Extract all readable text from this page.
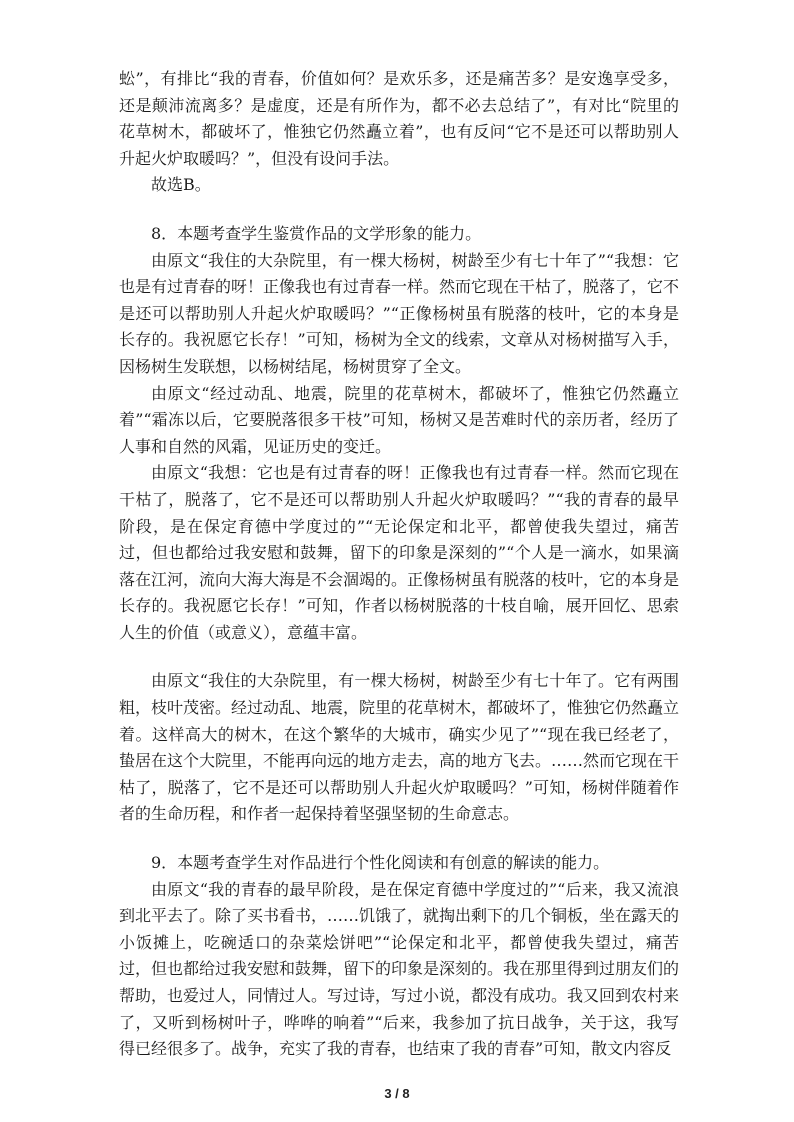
蚣”，有排比“我的青春，价值如何？是欢乐多，还是痛苦多？是安逸享受多，还是颠沛流离多？是虚度，还是有所作为，都不必去总结了”，有对比“院里的花草树木，都破坏了，惟独它仍然矗立着”，也有反问“它不是还可以帮助别人升起火炉取暖吗？”，但没有设问手法。

故选B。

8．本题考查学生鉴赏作品的文学形象的能力。

由原文“我住的大杂院里，有一棵大杨树，树龄至少有七十年了”“我想：它也是有过青春的呀！正像我也有过青春一样。然而它现在干枯了，脱落了，它不是还可以帮助别人升起火炉取暖吗？”“正像杨树虽有脱落的枝叶，它的本身是长存的。我祝愿它长存！”可知，杨树为全文的线索，文章从对杨树描写入手，因杨树生发联想，以杨树结尾，杨树贯穿了全文。

由原文“经过动乱、地震，院里的花草树木，都破坏了，惟独它仍然矗立着”“霜冻以后，它要脱落很多干枝”可知，杨树又是苦难时代的亲历者，经历了人事和自然的风霜，见证历史的变迁。

由原文“我想：它也是有过青春的呀！正像我也有过青春一样。然而它现在干枯了，脱落了，它不是还可以帮助别人升起火炉取暖吗？”“我的青春的最早阶段，是在保定育德中学度过的”“无论保定和北平，都曾使我失望过，痛苦过，但也都给过我安慰和鼓舞，留下的印象是深刻的”“个人是一滴水，如果滴落在江河，流向大海大海是不会涸竭的。正像杨树虽有脱落的枝叶，它的本身是长存的。我祝愿它长存！”可知，作者以杨树脱落的十枝自喻，展开回忆、思索人生的价值（或意义），意蕴丰富。

由原文“我住的大杂院里，有一棵大杨树，树龄至少有七十年了。它有两围粗，枝叶茂密。经过动乱、地震，院里的花草树木，都破坏了，惟独它仍然矗立着。这样高大的树木，在这个繁华的大城市，确实少见了”“现在我已经老了，蛰居在这个大院里，不能再向远的地方走去，高的地方飞去。……然而它现在干枯了，脱落了，它不是还可以帮助别人升起火炉取暖吗？”可知，杨树伴随着作者的生命历程，和作者一起保持着坚强坚韧的生命意志。

9．本题考查学生对作品进行个性化阅读和有创意的解读的能力。

由原文“我的青春的最早阶段，是在保定育德中学度过的”“后来，我又流浪到北平去了。除了买书看书，……饥饿了，就掏出剩下的几个铜板，坐在露天的小饭摊上，吃碗适口的杂菜烩饼吧”“论保定和北平，都曾使我失望过，痛苦过，但也都给过我安慰和鼓舞，留下的印象是深刻的。我在那里得到过朋友们的帮助，也爱过人，同情过人。写过诗，写过小说，都没有成功。我又回到农村来了，又听到杨树叶子，哗哗的响着”“后来，我参加了抗日战争，关于这，我写得已经很多了。战争，充实了我的青春，也结束了我的青春”可知，散文内容反

3 / 8
